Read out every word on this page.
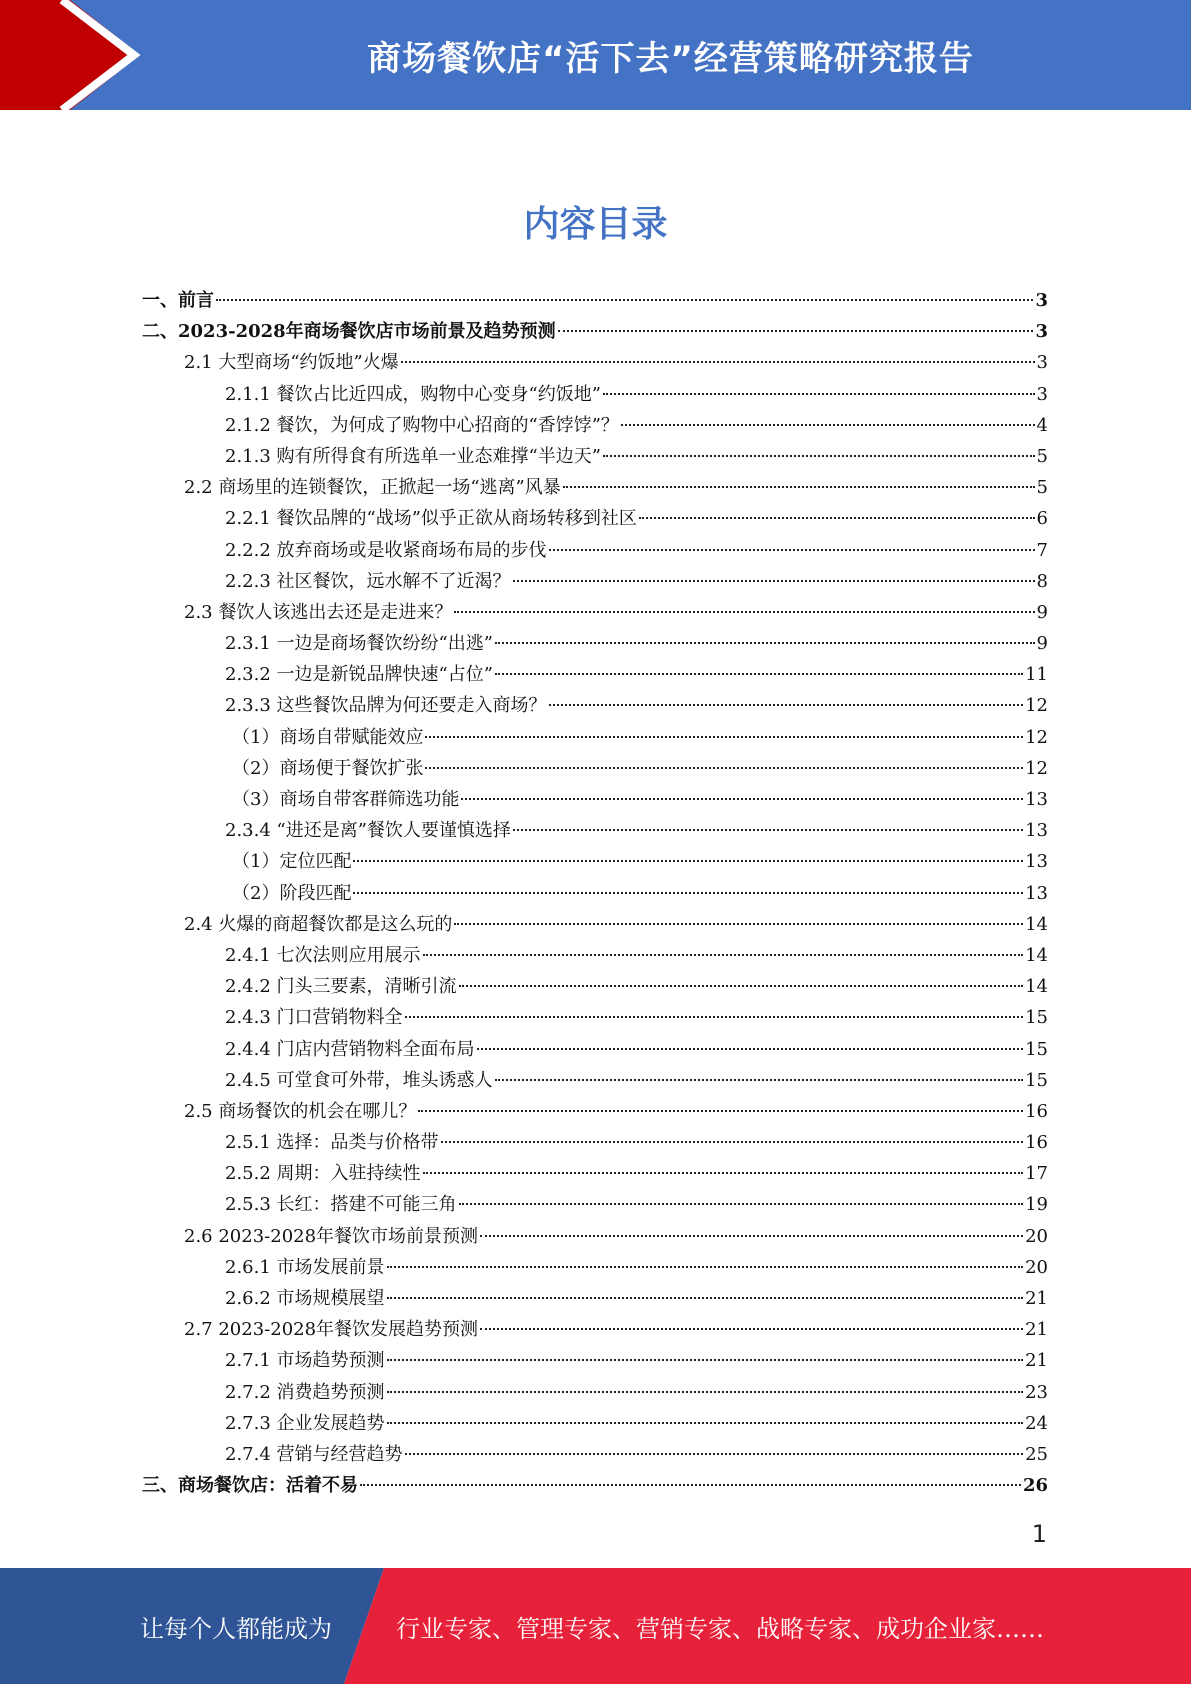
商场餐饮店“活下去”经营策略研究报告
内容目录
一、前言	3
二、2023-2028年商场餐饮店市场前景及趋势预测	3
2.1 大型商场“约饭地”火爆	3
2.1.1 餐饮占比近四成，购物中心变身“约饭地”	3
2.1.2 餐饮，为何成了购物中心招商的“香饽饽”？	4
2.1.3 购有所得食有所选单一业态难撑“半边天”	5
2.2 商场里的连锁餐饮，正掀起一场“逃离”风暴	5
2.2.1 餐饮品牌的“战场”似乎正欲从商场转移到社区	6
2.2.2 放弃商场或是收紧商场布局的步伐	7
2.2.3 社区餐饮，远水解不了近渴？	8
2.3 餐饮人该逃出去还是走进来？	9
2.3.1 一边是商场餐饮纷纷“出逃”	9
2.3.2 一边是新锐品牌快速“占位”	11
2.3.3 这些餐饮品牌为何还要走入商场？	12
（1）商场自带赋能效应	12
（2）商场便于餐饮扩张	12
（3）商场自带客群筛选功能	13
2.3.4 “进还是离”餐饮人要谨慎选择	13
（1）定位匹配	13
（2）阶段匹配	13
2.4 火爆的商超餐饮都是这么玩的	14
2.4.1 七次法则应用展示	14
2.4.2 门头三要素，清晰引流	14
2.4.3 门口营销物料全	15
2.4.4 门店内营销物料全面布局	15
2.4.5 可堂食可外带，堆头诱惑人	15
2.5 商场餐饮的机会在哪儿？	16
2.5.1 选择：品类与价格带	16
2.5.2 周期：入驻持续性	17
2.5.3 长红：搭建不可能三角	19
2.6 2023-2028年餐饮市场前景预测	20
2.6.1 市场发展前景	20
2.6.2 市场规模展望	21
2.7 2023-2028年餐饮发展趋势预测	21
2.7.1 市场趋势预测	21
2.7.2 消费趋势预测	23
2.7.3 企业发展趋势	24
2.7.4 营销与经营趋势	25
三、商场餐饮店：活着不易	26
1
让每个人都能成为	行业专家、管理专家、营销专家、战略专家、成功企业家……
